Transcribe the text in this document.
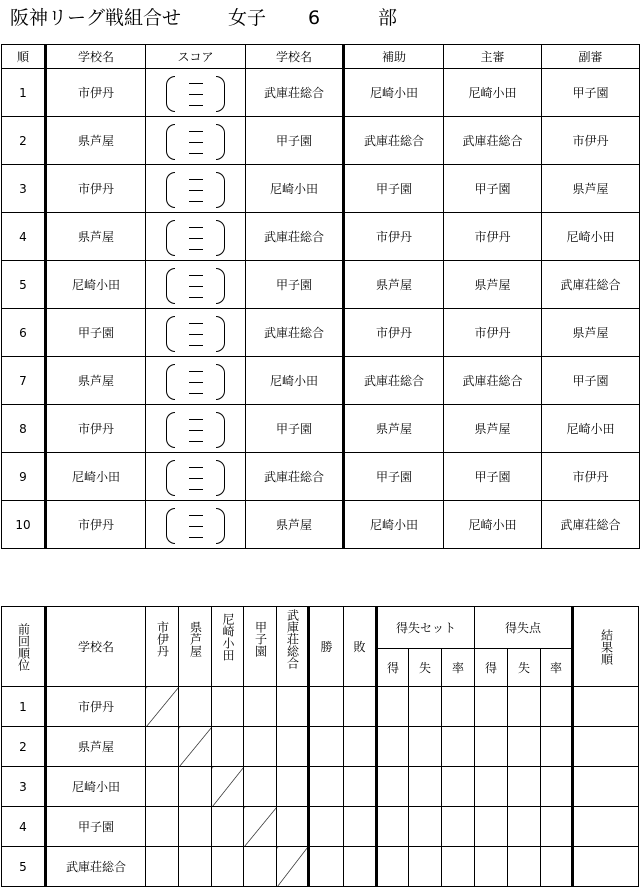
阪神リーグ戦組合せ 女子 6	部
順	学校名	スコア	学校名	補助	主審	副審
1	市伊丹		武庫荘総合	尼崎小田	尼崎小田	甲子園
2	県芦屋		甲子園	武庫荘総合	武庫荘総合	市伊丹
3	市伊丹		尼崎小田	甲子園	甲子園	県芦屋
4	県芦屋		武庫荘総合	市伊丹	市伊丹	尼崎小田
5	尼崎小田		甲子園	県芦屋	県芦屋	武庫荘総合
6	甲子園		武庫荘総合	市伊丹	市伊丹	県芦屋
7	県芦屋		尼崎小田	武庫荘総合	武庫荘総合	甲子園
8	市伊丹		甲子園	県芦屋	県芦屋	尼崎小田
9	尼崎小田		武庫荘総合	甲子園	甲子園	市伊丹
10	市伊丹		県芦屋	尼崎小田	尼崎小田	武庫荘総合
前回順位	学校名	市伊丹	県芦屋	尼崎小田	甲子園	武庫荘総合	勝	敗	得失セット			得失点			結果順

									得	失	率	得	失	率	
1	市伊丹														
2	県芦屋														
3	尼崎小田														
4	甲子園														
5	武庫荘総合														
